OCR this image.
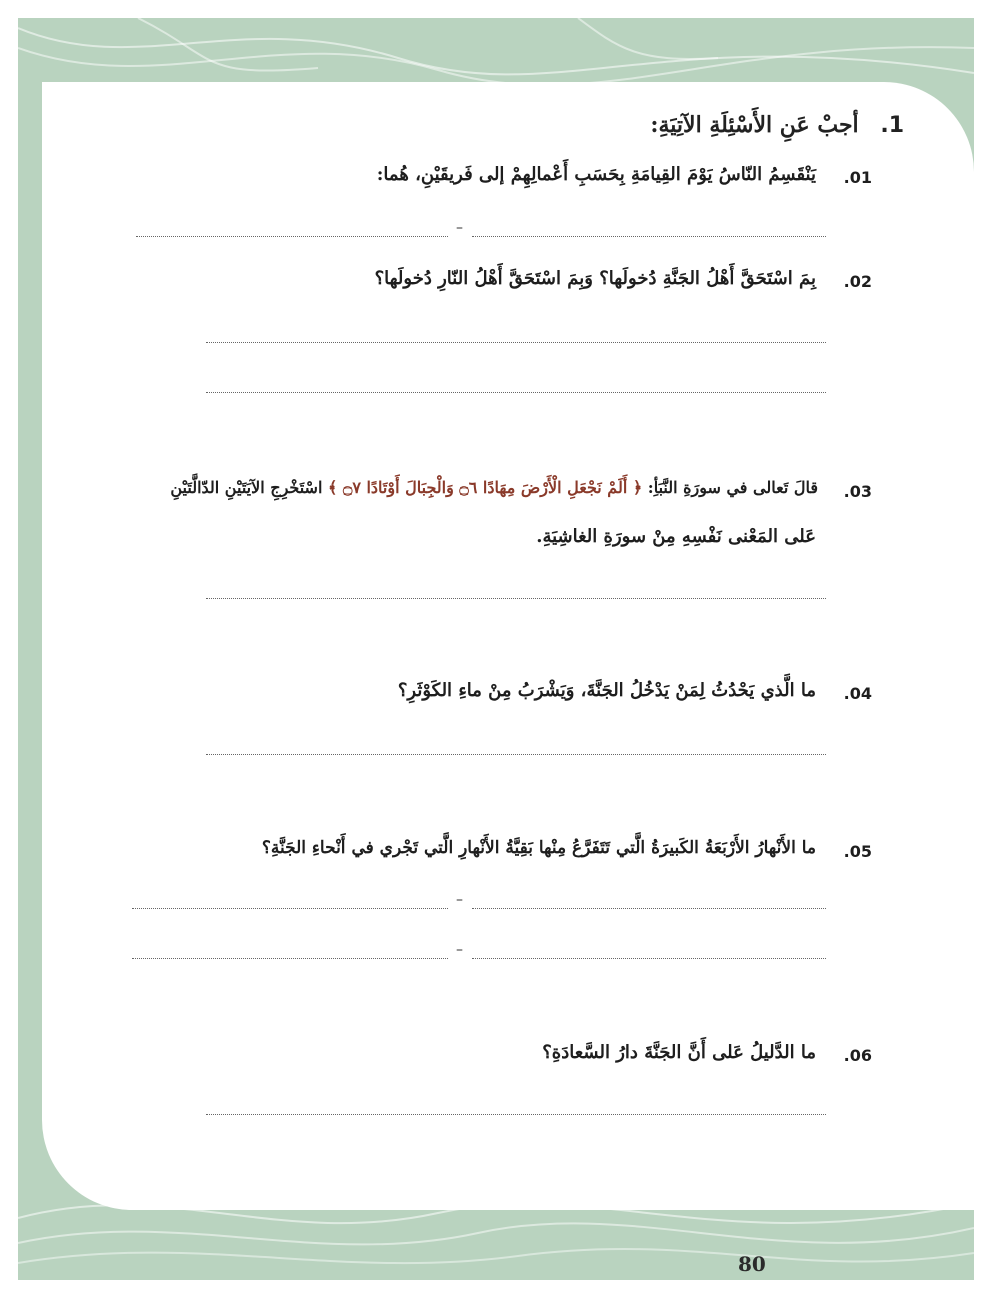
1. أجبْ عَنِ الأَسْئِلَةِ الآتِيَةِ:
.01
يَنْقَسِمُ النّاسُ يَوْمَ القِيامَةِ بِحَسَبِ أَعْمالِهِمْ إلى فَريقَيْنِ، هُما:
–
.02
بِمَ اسْتَحَقَّ أَهْلُ الجَنَّةِ دُخولَها؟ وَبِمَ اسْتَحَقَّ أَهْلُ النّارِ دُخولَها؟
.03
قالَ تَعالى في سورَةِ النَّبَأِ: ﴿ أَلَمْ نَجْعَلِ الْأَرْضَ مِهَادًا ۝٦ وَالْجِبَالَ أَوْتَادًا ۝٧ ﴾ اسْتَخْرِجِ الآيَتَيْنِ الدّالَّتَيْنِ
عَلى المَعْنى نَفْسِهِ مِنْ سورَةِ الغاشِيَةِ.
.04
ما الَّذي يَحْدُثُ لِمَنْ يَدْخُلُ الجَنَّةَ، وَيَشْرَبُ مِنْ ماءِ الكَوْثَرِ؟
.05
ما الأَنْهارُ الأَرْبَعَةُ الكَبيرَةُ الَّتي تَتَفَرَّعُ مِنْها بَقِيَّةُ الأَنْهارِ الَّتي تَجْري في أَنْحاءِ الجَنَّةِ؟
–
–
.06
ما الدَّليلُ عَلى أَنَّ الجَنَّةَ دارُ السَّعادَةِ؟
80
